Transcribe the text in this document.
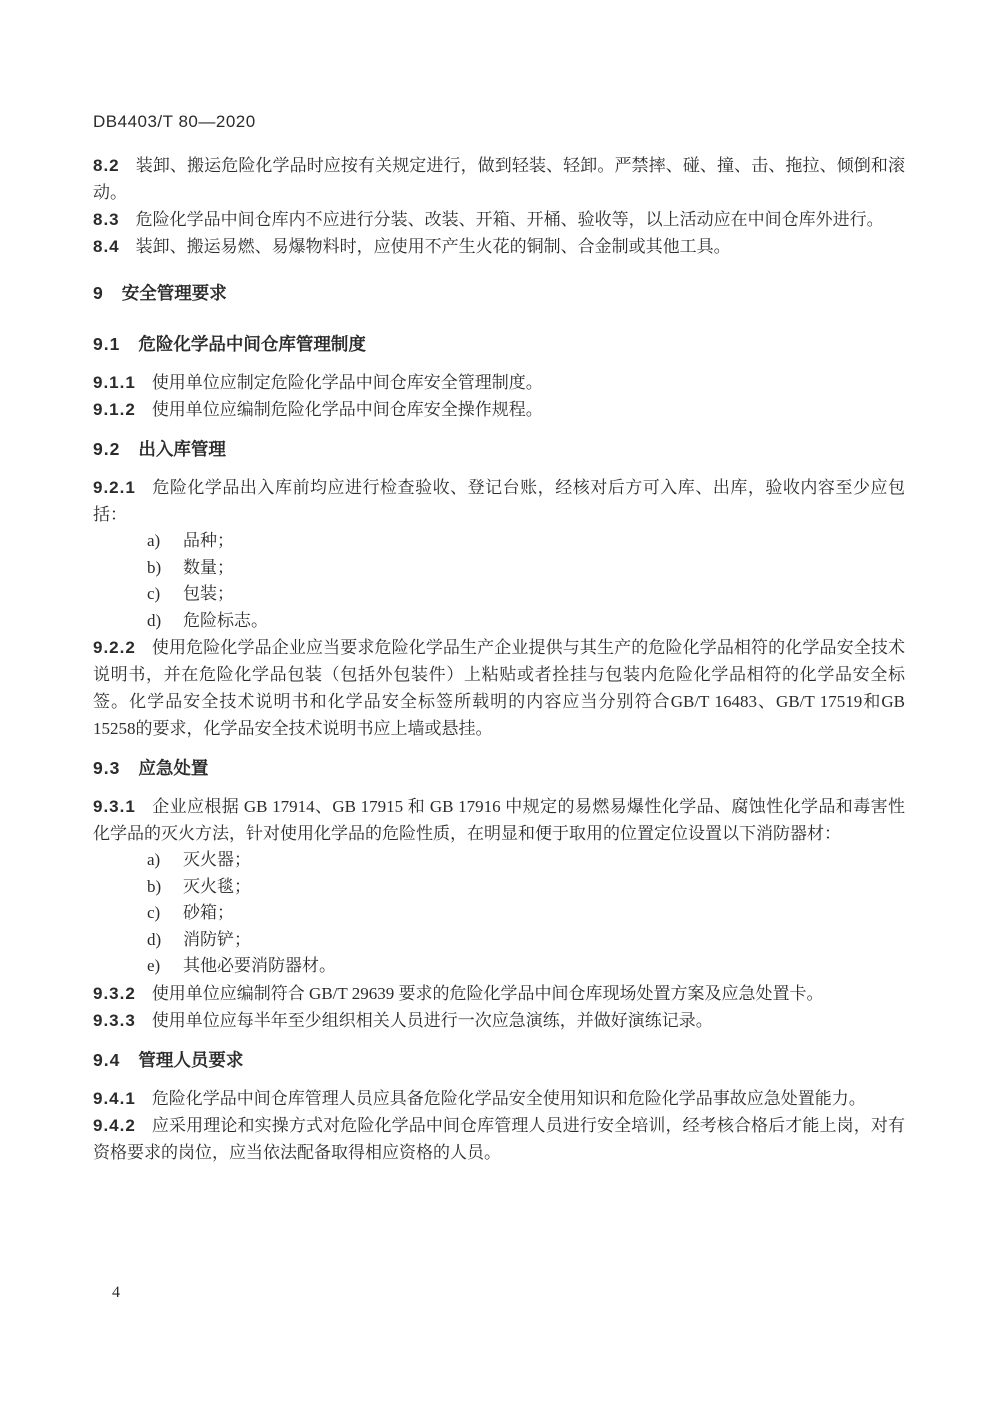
DB4403/T 80—2020

8.2 装卸、搬运危险化学品时应按有关规定进行，做到轻装、轻卸。严禁摔、碰、撞、击、拖拉、倾倒和滚动。

8.3 危险化学品中间仓库内不应进行分装、改装、开箱、开桶、验收等，以上活动应在中间仓库外进行。

8.4 装卸、搬运易燃、易爆物料时，应使用不产生火花的铜制、合金制或其他工具。

9 安全管理要求
9.1 危险化学品中间仓库管理制度

9.1.1 使用单位应制定危险化学品中间仓库安全管理制度。

9.1.2 使用单位应编制危险化学品中间仓库安全操作规程。

9.2 出入库管理

9.2.1 危险化学品出入库前均应进行检查验收、登记台账，经核对后方可入库、出库，验收内容至少应包括：

a) 品种；
b) 数量；
c) 包装；
d) 危险标志。

9.2.2 使用危险化学品企业应当要求危险化学品生产企业提供与其生产的危险化学品相符的化学品安全技术说明书，并在危险化学品包装（包括外包装件）上粘贴或者拴挂与包装内危险化学品相符的化学品安全标签。化学品安全技术说明书和化学品安全标签所载明的内容应当分别符合GB/T 16483、GB/T 17519和GB 15258的要求，化学品安全技术说明书应上墙或悬挂。

9.3 应急处置

9.3.1 企业应根据 GB 17914、GB 17915 和 GB 17916 中规定的易燃易爆性化学品、腐蚀性化学品和毒害性化学品的灭火方法，针对使用化学品的危险性质，在明显和便于取用的位置定位设置以下消防器材：

a) 灭火器；
b) 灭火毯；
c) 砂箱；
d) 消防铲；
e) 其他必要消防器材。

9.3.2 使用单位应编制符合 GB/T 29639 要求的危险化学品中间仓库现场处置方案及应急处置卡。

9.3.3 使用单位应每半年至少组织相关人员进行一次应急演练，并做好演练记录。

9.4 管理人员要求

9.4.1 危险化学品中间仓库管理人员应具备危险化学品安全使用知识和危险化学品事故应急处置能力。

9.4.2 应采用理论和实操方式对危险化学品中间仓库管理人员进行安全培训，经考核合格后才能上岗，对有资格要求的岗位，应当依法配备取得相应资格的人员。

4
